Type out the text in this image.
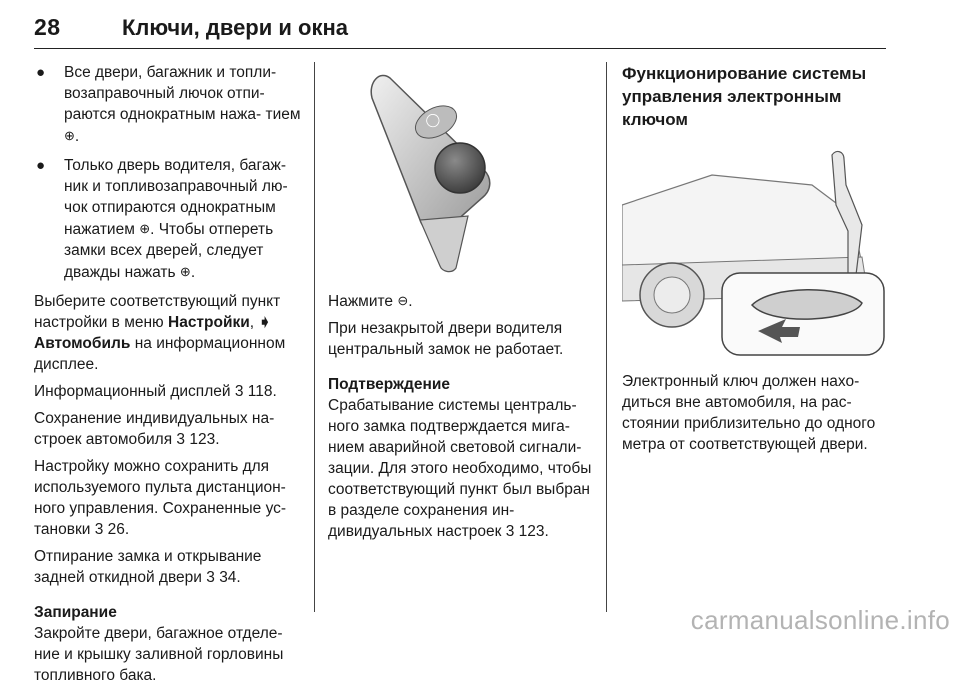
28	Ключи, двери и окна
● Все двери, багажник и топли- возаправочный лючок отпи- раются однократным нажа- тием ⊕.
● Только дверь водителя, багаж- ник и топливозаправочный лю- чок отпираются однократным нажатием ⊕. Чтобы отпереть замки всех дверей, следует дважды нажать ⊕.

Выберите соответствующий пункт настройки в меню Настройки, ➧ Автомобиль на информационном дисплее.

Информационный дисплей 3 118.

Сохранение индивидуальных на- строек автомобиля 3 123.

Настройку можно сохранить для используемого пульта дистанцион- ного управления. Сохраненные ус- тановки 3 26.

Отпирание замка и открывание задней откидной двери 3 34.

Запирание

Закройте двери, багажное отделе- ние и крышку заливной горловины топливного бака.

◯

Нажмите ⊖.

При незакрытой двери водителя центральный замок не работает.

Подтверждение

Срабатывание системы централь- ного замка подтверждается мига- нием аварийной световой сигнали- зации. Для этого необходимо, чтобы соответствующий пункт был выбран в разделе сохранения ин- дивидуальных настроек 3 123.

Функционирование системы управления электронным ключом

Электронный ключ должен нахо- диться вне автомобиля, на рас- стоянии приблизительно до одного метра от соответствующей двери.

carmanualsonline.info
